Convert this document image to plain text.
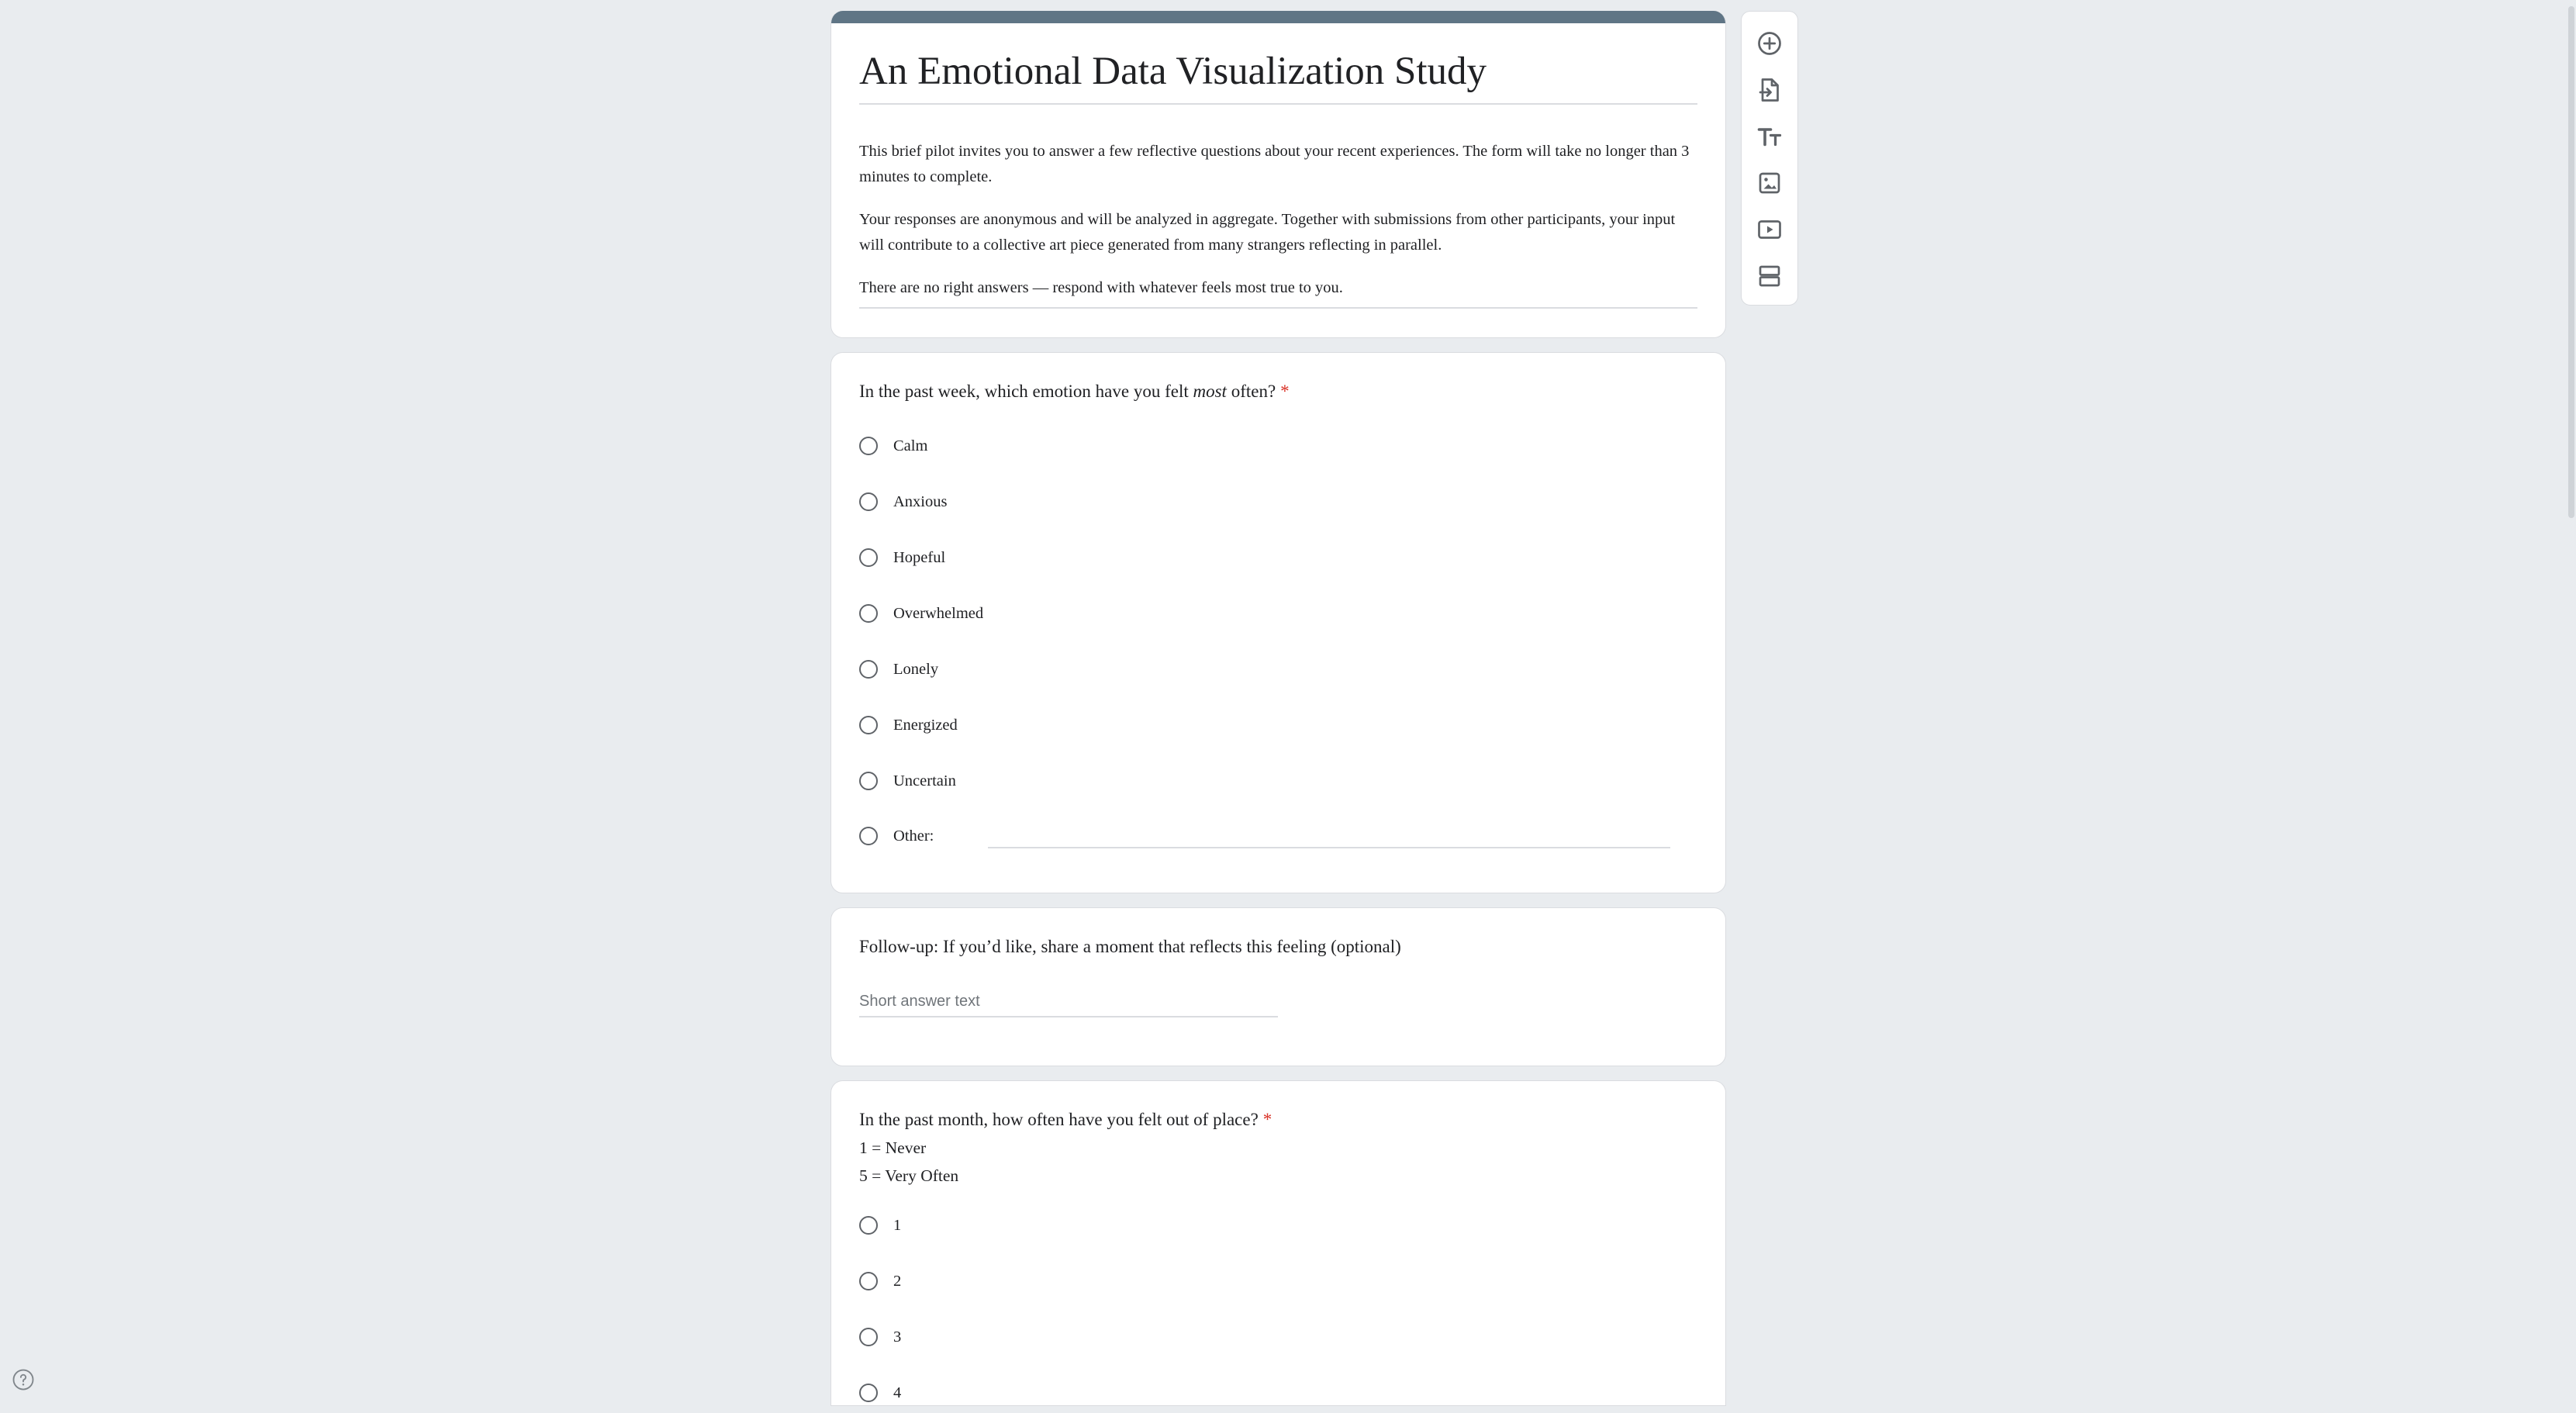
An Emotional Data Visualization Study

This brief pilot invites you to answer a few reflective questions about your recent experiences. The form will take no longer than 3 minutes to complete.

Your responses are anonymous and will be analyzed in aggregate. Together with submissions from other participants, your input will contribute to a collective art piece generated from many strangers reflecting in parallel.

There are no right answers — respond with whatever feels most true to you.

In the past week, which emotion have you felt most often? *
Calm
Anxious
Hopeful
Overwhelmed
Lonely
Energized
Uncertain
Other:
Follow-up: If you’d like, share a moment that reflects this feeling (optional)
Short answer text
In the past month, how often have you felt out of place? *
1 = Never
5 = Very Often
1
2
3
4
